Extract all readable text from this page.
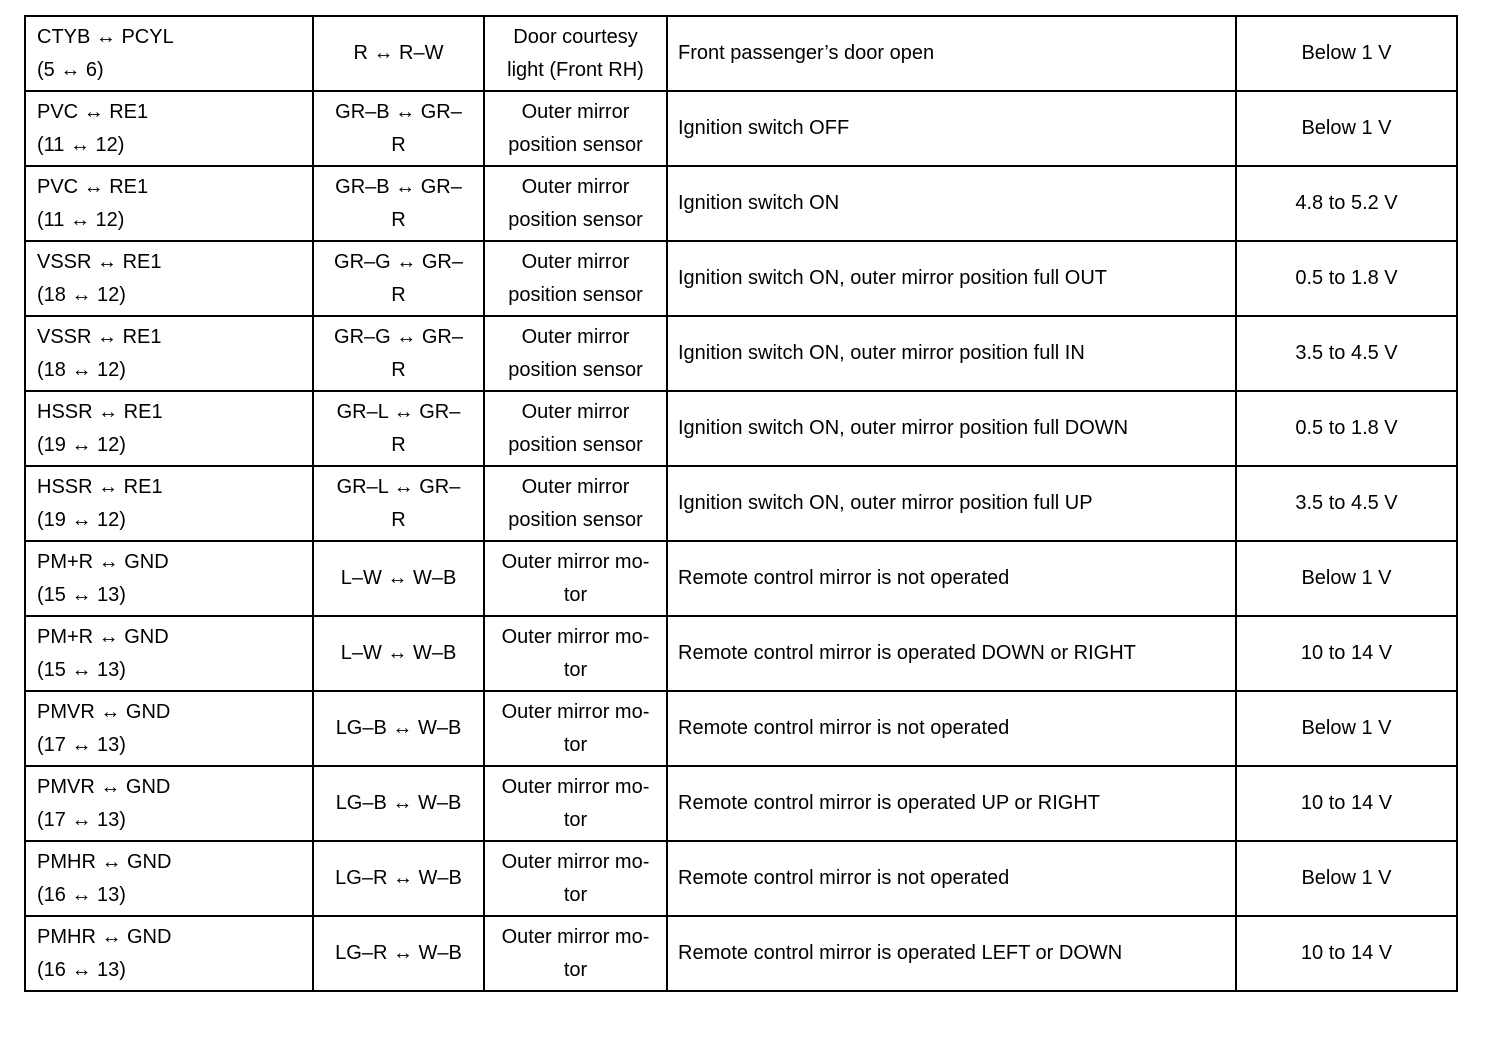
CTYB ↔ PCYL
(5 ↔ 6)	R ↔ R–W	Door courtesy
light (Front RH)	Front passenger’s door open	Below 1 V

PVC ↔ RE1
(11 ↔ 12)	GR–B ↔ GR–
R	Outer mirror
position sensor	Ignition switch OFF	Below 1 V

PVC ↔ RE1
(11 ↔ 12)	GR–B ↔ GR–
R	Outer mirror
position sensor	Ignition switch ON	4.8 to 5.2 V

VSSR ↔ RE1
(18 ↔ 12)	GR–G ↔ GR–
R	Outer mirror
position sensor	Ignition switch ON, outer mirror position full OUT	0.5 to 1.8 V

VSSR ↔ RE1
(18 ↔ 12)	GR–G ↔ GR–
R	Outer mirror
position sensor	Ignition switch ON, outer mirror position full IN	3.5 to 4.5 V

HSSR ↔ RE1
(19 ↔ 12)	GR–L ↔ GR–
R	Outer mirror
position sensor	Ignition switch ON, outer mirror position full DOWN	0.5 to 1.8 V

HSSR ↔ RE1
(19 ↔ 12)	GR–L ↔ GR–
R	Outer mirror
position sensor	Ignition switch ON, outer mirror position full UP	3.5 to 4.5 V

PM+R ↔ GND
(15 ↔ 13)	L–W ↔ W–B	Outer mirror mo-
tor	Remote control mirror is not operated	Below 1 V

PM+R ↔ GND
(15 ↔ 13)	L–W ↔ W–B	Outer mirror mo-
tor	Remote control mirror is operated DOWN or RIGHT	10 to 14 V

PMVR ↔ GND
(17 ↔ 13)	LG–B ↔ W–B	Outer mirror mo-
tor	Remote control mirror is not operated	Below 1 V

PMVR ↔ GND
(17 ↔ 13)	LG–B ↔ W–B	Outer mirror mo-
tor	Remote control mirror is operated UP or RIGHT	10 to 14 V

PMHR ↔ GND
(16 ↔ 13)	LG–R ↔ W–B	Outer mirror mo-
tor	Remote control mirror is not operated	Below 1 V

PMHR ↔ GND
(16 ↔ 13)	LG–R ↔ W–B	Outer mirror mo-
tor	Remote control mirror is operated LEFT or DOWN	10 to 14 V
